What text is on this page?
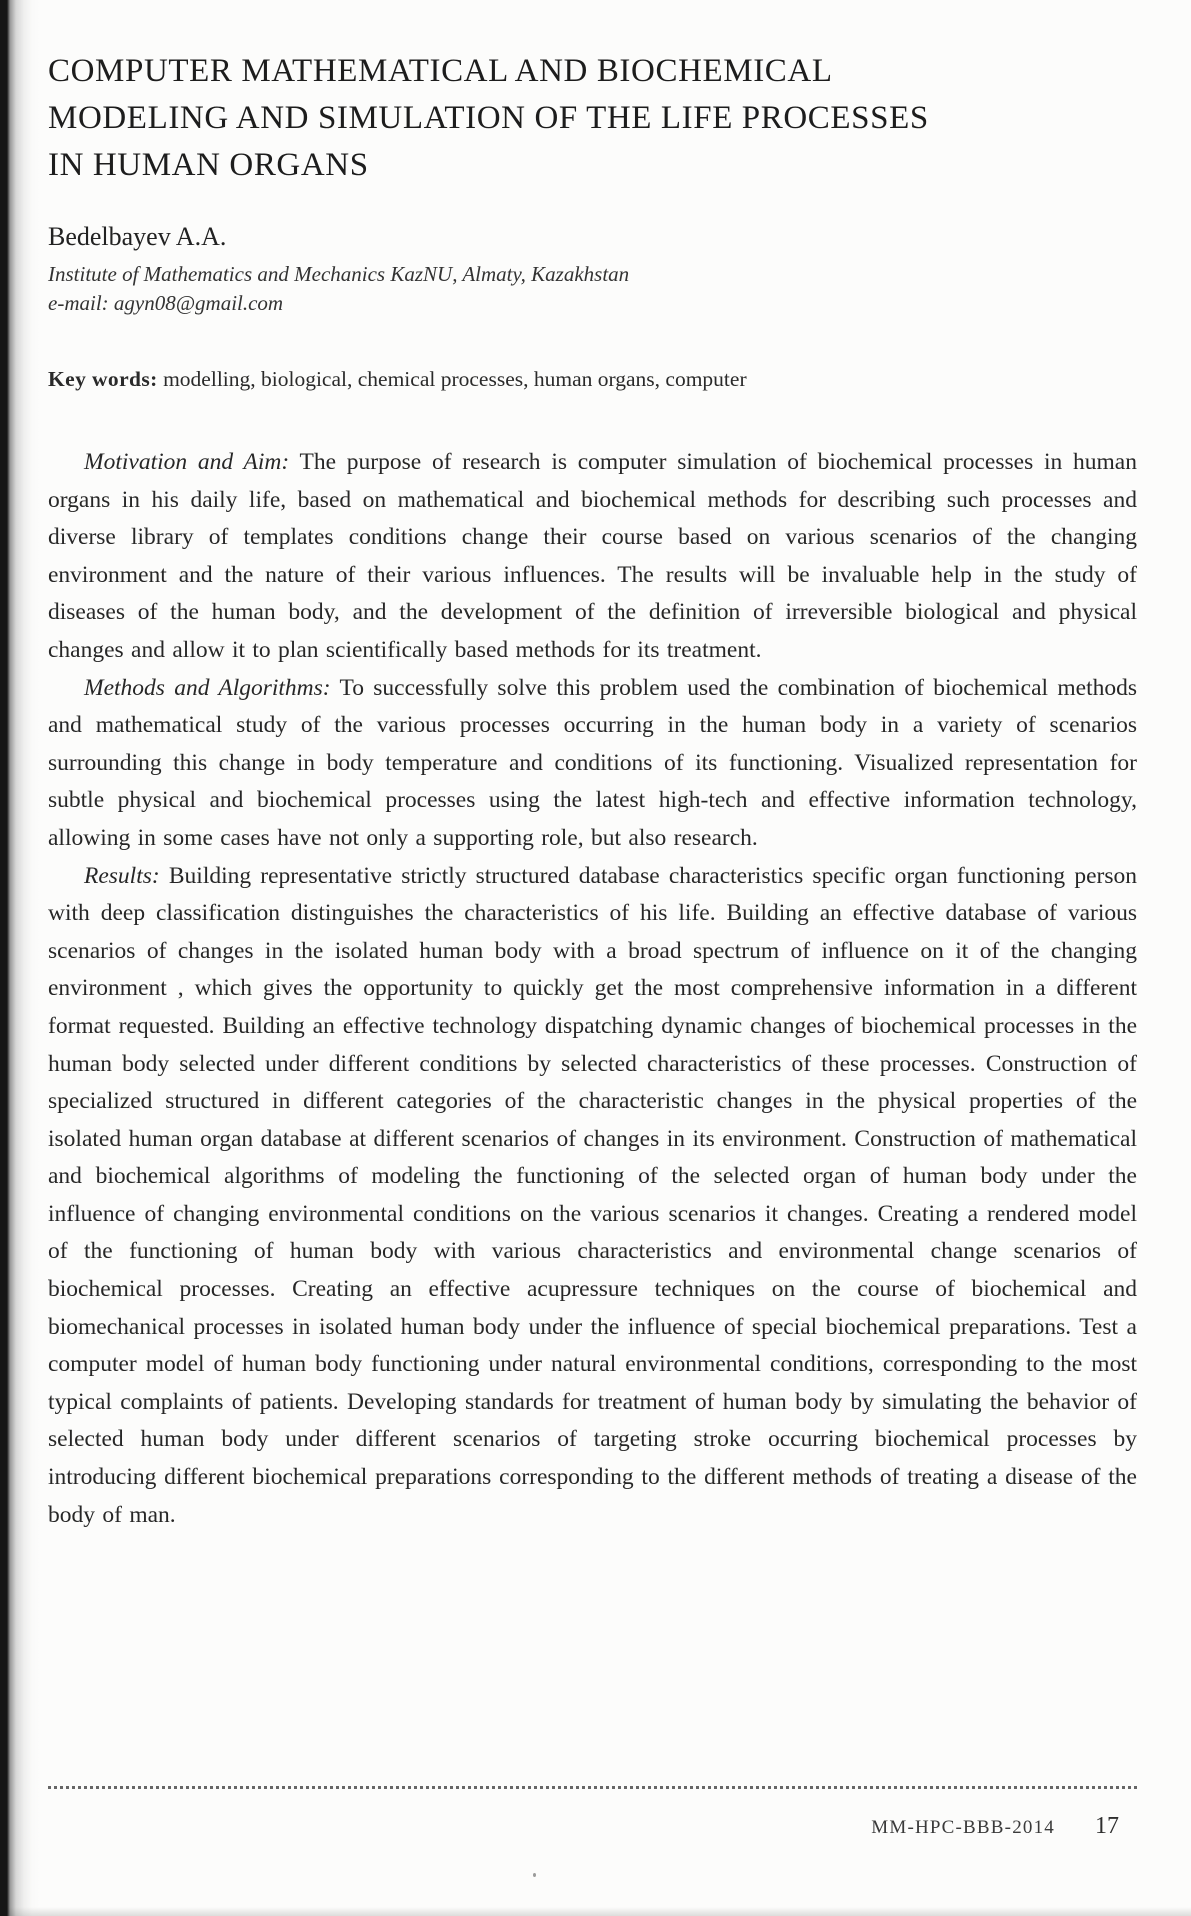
COMPUTER MATHEMATICAL AND BIOCHEMICAL
MODELING AND SIMULATION OF THE LIFE PROCESSES
IN HUMAN ORGANS
Bedelbayev A.A.
Institute of Mathematics and Mechanics KazNU, Almaty, Kazakhstan
e-mail: agyn08@gmail.com
Key words: modelling, biological, chemical processes, human organs, computer

Motivation and Aim: The purpose of research is computer simulation of biochemical processes in human organs in his daily life, based on mathematical and biochemical methods for describing such processes and diverse library of templates conditions change their course based on various scenarios of the changing environment and the nature of their various influences. The results will be invaluable help in the study of diseases of the human body, and the development of the definition of irreversible biological and physical changes and allow it to plan scientifically based methods for its treatment.

Methods and Algorithms: To successfully solve this problem used the combination of biochemical methods and mathematical study of the various processes occurring in the human body in a variety of scenarios surrounding this change in body temperature and conditions of its functioning. Visualized representation for subtle physical and biochemical processes using the latest high-tech and effective information technology, allowing in some cases have not only a supporting role, but also research.

Results: Building representative strictly structured database characteristics specific organ functioning person with deep classification distinguishes the characteristics of his life. Building an effective database of various scenarios of changes in the isolated human body with a broad spectrum of influence on it of the changing environment , which gives the opportunity to quickly get the most comprehensive information in a different format requested. Building an effective technology dispatching dynamic changes of biochemical processes in the human body selected under different conditions by selected characteristics of these processes. Construction of specialized structured in different categories of the characteristic changes in the physical properties of the isolated human organ database at different scenarios of changes in its environment. Construction of mathematical and biochemical algorithms of modeling the functioning of the selected organ of human body under the influence of changing environmental conditions on the various scenarios it changes. Creating a rendered model of the functioning of human body with various characteristics and environmental change scenarios of biochemical processes. Creating an effective acupressure techniques on the course of biochemical and biomechanical processes in isolated human body under the influence of special biochemical preparations. Test a computer model of human body functioning under natural environmental conditions, corresponding to the most typical complaints of patients. Developing standards for treatment of human body by simulating the behavior of selected human body under different scenarios of targeting stroke occurring biochemical processes by introducing different biochemical preparations corresponding to the different methods of treating a disease of the body of man.

MM-HPC-BBB-2014 17
